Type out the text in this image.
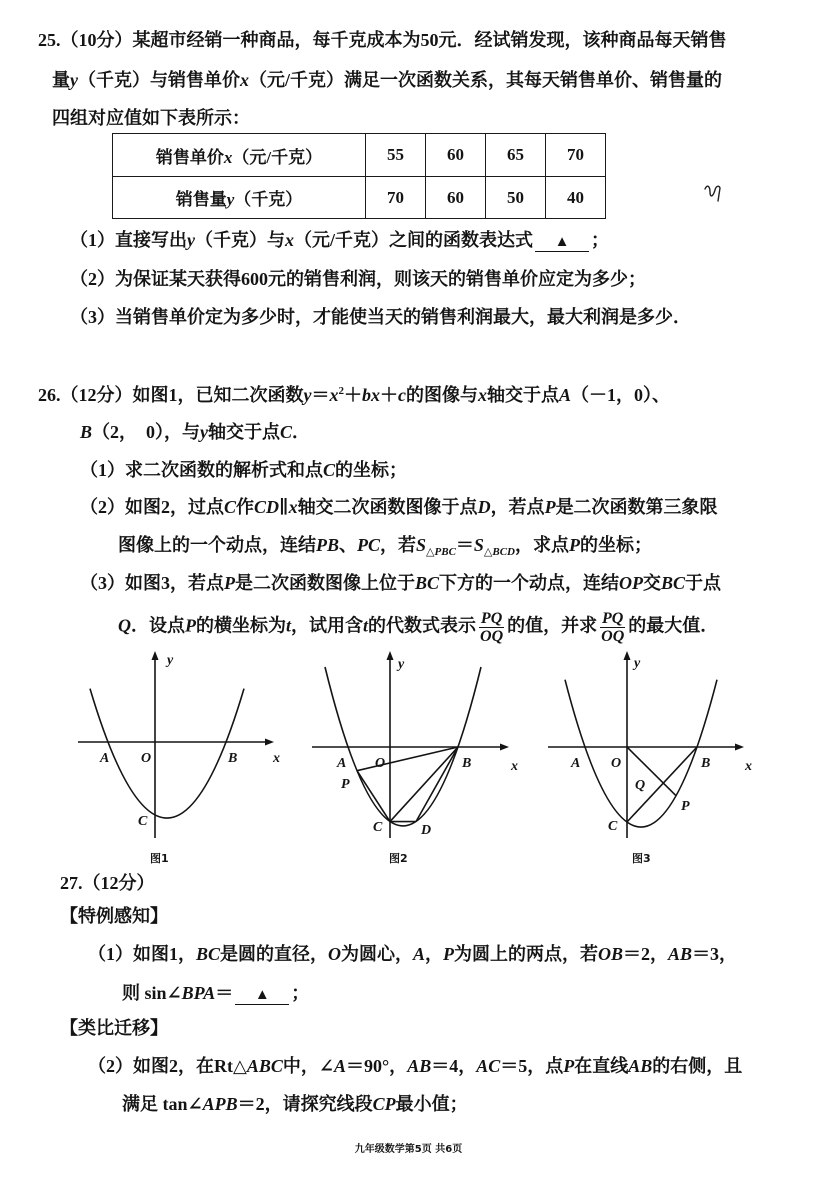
25.（10分）某超市经销一种商品，每千克成本为50元．经试销发现，该种商品每天销售
量y（千克）与销售单价x（元/千克）满足一次函数关系，其每天销售单价、销售量的
四组对应值如下表所示：
销售单价x（元/千克）	55	60	65	70
销售量y（千克）	70	60	50	40
（1）直接写出y（千克）与x（元/千克）之间的函数表达式 ▲ ；
（2）为保证某天获得600元的销售利润，则该天的销售单价应定为多少；
（3）当销售单价定为多少时，才能使当天的销售利润最大，最大利润是多少．
26.（12分）如图1，已知二次函数$y=x^2+bx+c$的图像与x轴交于点A（－1，0）、
B（2，　0），与y轴交于点C．
（1）求二次函数的解析式和点C的坐标；
（2）如图2，过点C作CD∥x轴交二次函数图像于点D，若点P是二次函数第三象限
图像上的一个动点，连结PB、PC，若$S_{\triangle PBC}=S_{\triangle BCD}$，求点P的坐标；
（3）如图3，若点P是二次函数图像上位于BC下方的一个动点，连结OP交BC于点
Q．设点P的横坐标为t，试用含t的代数式表示 $\frac{PQ}{OQ}$ 的值，并求 $\frac{PQ}{OQ}$ 的最大值．
A O	B
C
x
y
图1
A O	B
P
C	D
x
y
图2
A O	B
Q
P
C
x
y
图3
27.（12分）
【特例感知】
（1）如图1，BC是圆的直径，O为圆心，A，P为圆上的两点，若OB＝2，AB＝3，
则 sin∠BPA＝ ▲ ；
【类比迁移】
（2）如图2，在Rt△ABC中，∠A＝90°，AB＝4，AC＝5，点P在直线AB的右侧，且
满足 tan∠APB＝2，请探究线段CP最小值；
九年级数学第5页 共6页
